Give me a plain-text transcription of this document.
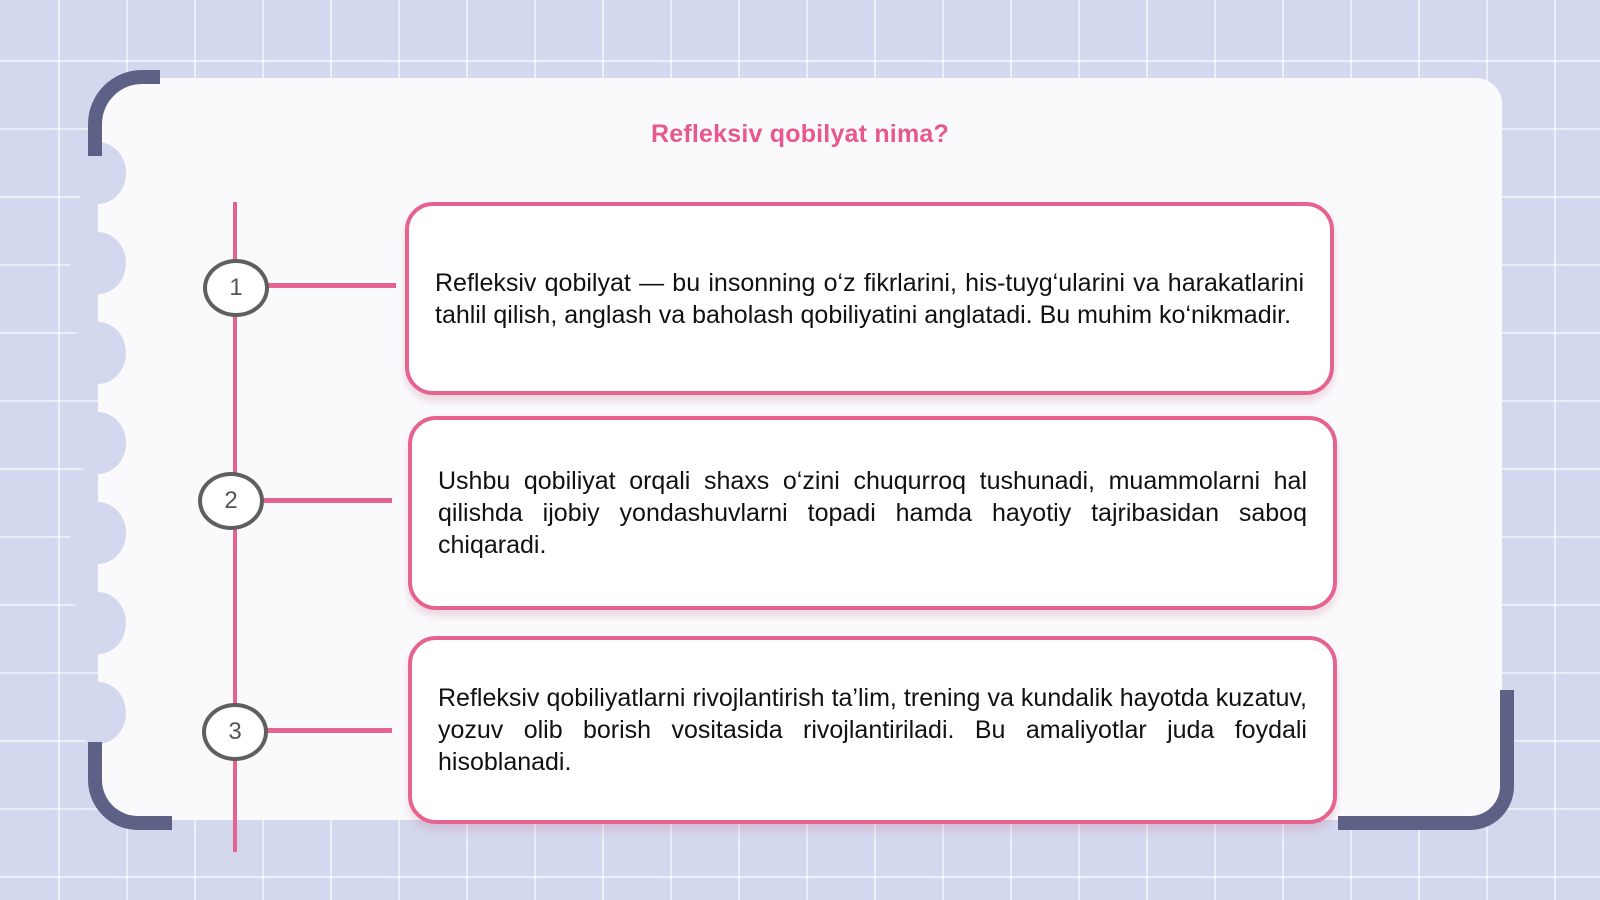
Refleksiv qobilyat nima?
1
2
3

Refleksiv qobilyat — bu insonning o‘z fikrlarini, his-tuyg‘ularini va harakatlarini tahlil qilish, anglash va baholash qobiliyatini anglatadi. Bu muhim ko‘nikmadir.

Ushbu qobiliyat orqali shaxs o‘zini chuqurroq tushunadi, muammolarni hal qilishda ijobiy yondashuvlarni topadi hamda hayotiy tajribasidan saboq chiqaradi.

Refleksiv qobiliyatlarni rivojlantirish ta’lim, trening va kundalik hayotda kuzatuv, yozuv olib borish vositasida rivojlantiriladi. Bu amaliyotlar juda foydali hisoblanadi.
